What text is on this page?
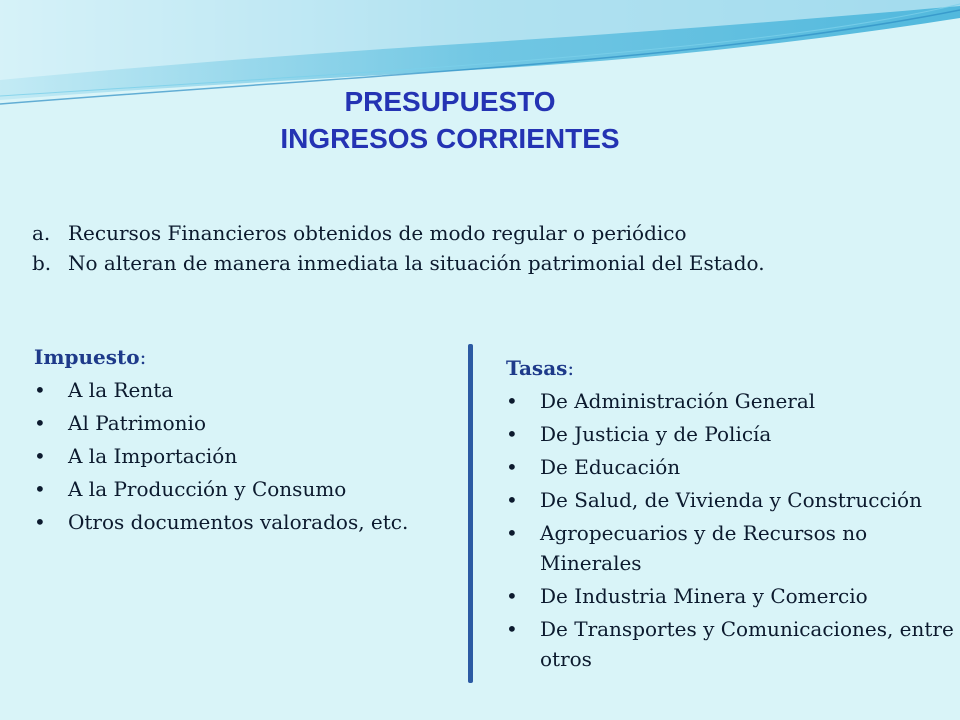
PRESUPUESTO
INGRESOS CORRIENTES
a. Recursos Financieros obtenidos de modo regular o periódico
b. No alteran de manera inmediata la situación patrimonial del Estado.

Impuesto:

• A la Renta
• Al Patrimonio
• A la Importación
• A la Producción y Consumo
• Otros documentos valorados, etc.

Tasas:

• De Administración General
• De Justicia y de Policía
• De Educación
• De Salud, de Vivienda y Construcción
• Agropecuarios y de Recursos no Minerales
• De Industria Minera y Comercio
• De Transportes y Comunicaciones, entre otros
